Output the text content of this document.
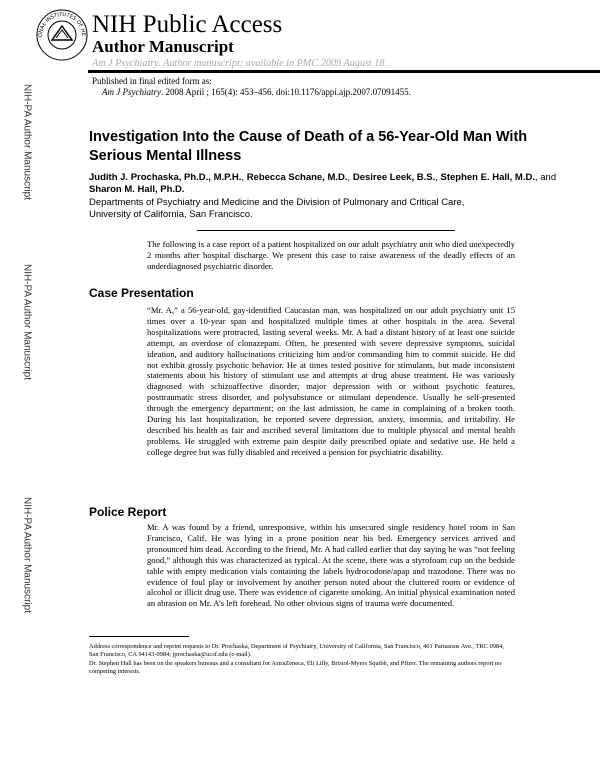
ONAL INSTITUTES OF HE NIH Public Access
Author Manuscript
Am J Psychiatry. Author manuscript; available in PMC 2009 August 18.
Published in final edited form as:
Am J Psychiatry. 2008 April ; 165(4): 453–456. doi:10.1176/appi.ajp.2007.07091455.
NIH-PA Author Manuscript
NIH-PA Author Manuscript
NIH-PA Author Manuscript
Investigation Into the Cause of Death of a 56-Year-Old Man With Serious Mental Illness
Judith J. Prochaska, Ph.D., M.P.H., Rebecca Schane, M.D., Desiree Leek, B.S., Stephen E. Hall, M.D., and Sharon M. Hall, Ph.D.
Departments of Psychiatry and Medicine and the Division of Pulmonary and Critical Care,
University of California, San Francisco.
The following is a case report of a patient hospitalized on our adult psychiatry unit who died unexpectedly 2 months after hospital discharge. We present this case to raise awareness of the deadly effects of an underdiagnosed psychiatric disorder.
Case Presentation
“Mr. A,” a 56-year-old, gay-identified Caucasian man, was hospitalized on our adult psychiatry unit 15 times over a 10-year span and hospitalized multiple times at other hospitals in the area. Several hospitalizations were protracted, lasting several weeks. Mr. A had a distant history of at least one suicide attempt, an overdose of clonazepam. Often, he presented with severe depressive symptoms, suicidal ideation, and auditory hallucinations criticizing him and/or commanding him to commit suicide. He did not exhibit grossly psychotic behavior. He at times tested positive for stimulants, but made inconsistent statements about his history of stimulant use and attempts at drug abuse treatment. He was variously diagnosed with schizoaffective disorder, major depression with or without psychotic features, posttraumatic stress disorder, and polysubstance or stimulant dependence. Usually he self-presented through the emergency department; on the last admission, he came in complaining of a broken tooth. During his last hospitalization, he reported severe depression, anxiety, insomnia, and irritability. He described his health as fair and ascribed several limitations due to multiple physical and mental health problems. He struggled with extreme pain despite daily prescribed opiate and sedative use. He held a college degree but was fully disabled and received a pension for psychiatric disability.
Police Report
Mr. A was found by a friend, unresponsive, within his unsecured single residency hotel room in San Francisco, Calif. He was lying in a prone position near his bed. Emergency services arrived and pronounced him dead. According to the friend, Mr. A had called earlier that day saying he was “not feeling good,” although this was characterized as typical. At the scene, there was a styrofoam cup on the bedside table with empty medication vials containing the labels hydrocodone/apap and trazodone. There was no evidence of foul play or involvement by another person noted about the cluttered room or evidence of alcohol or illicit drug use. There was evidence of cigarette smoking. An initial physical examination noted an abrasion on Mr. A’s left forehead. No other obvious signs of trauma were documented.
Address correspondence and reprint requests to Dr. Prochaska, Department of Psychiatry, University of California, San Francisco, 401 Parnassus Ave., TRC 0984, San Francisco, CA 94143-0984; jprochaska@ucsf.edu (e-mail).
Dr. Stephen Hall has been on the speakers bureaus and a consultant for AstraZeneca, Eli Lilly, Bristol-Myers Squibb, and Pfizer. The remaining authors report no competing interests.
